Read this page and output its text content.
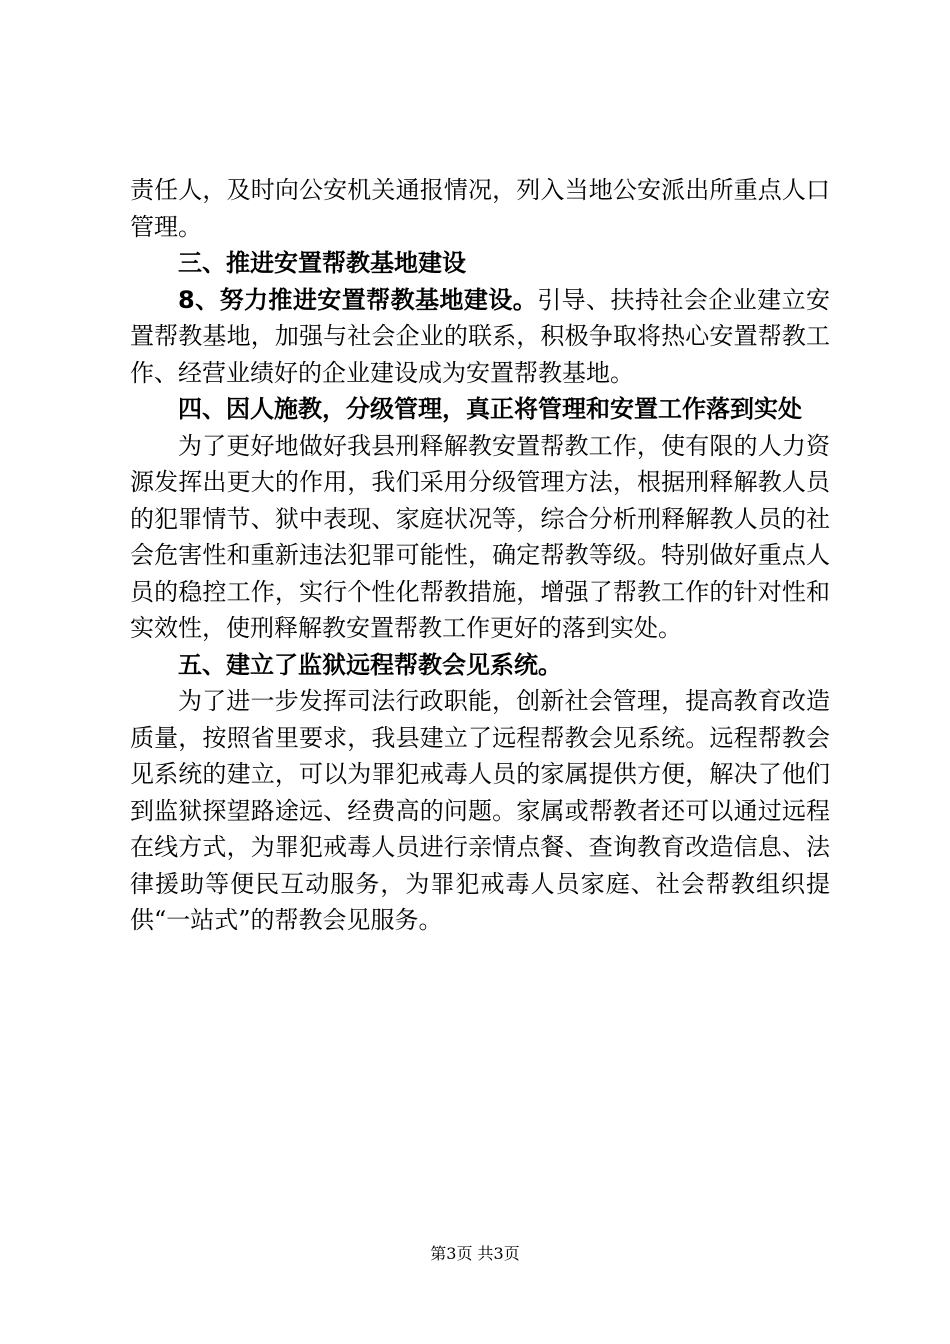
责任人，及时向公安机关通报情况，列入当地公安派出所重点人口管理。

三、推进安置帮教基地建设

8、努力推进安置帮教基地建设。引导、扶持社会企业建立安置帮教基地，加强与社会企业的联系，积极争取将热心安置帮教工作、经营业绩好的企业建设成为安置帮教基地。

四、因人施教，分级管理，真正将管理和安置工作落到实处

为了更好地做好我县刑释解教安置帮教工作，使有限的人力资源发挥出更大的作用，我们采用分级管理方法，根据刑释解教人员的犯罪情节、狱中表现、家庭状况等，综合分析刑释解教人员的社会危害性和重新违法犯罪可能性，确定帮教等级。特别做好重点人员的稳控工作，实行个性化帮教措施，增强了帮教工作的针对性和实效性，使刑释解教安置帮教工作更好的落到实处。

五、建立了监狱远程帮教会见系统。

为了进一步发挥司法行政职能，创新社会管理，提高教育改造质量，按照省里要求，我县建立了远程帮教会见系统。远程帮教会见系统的建立，可以为罪犯戒毒人员的家属提供方便，解决了他们到监狱探望路途远、经费高的问题。家属或帮教者还可以通过远程在线方式，为罪犯戒毒人员进行亲情点餐、查询教育改造信息、法律援助等便民互动服务，为罪犯戒毒人员家庭、社会帮教组织提供“一站式”的帮教会见服务。

第3页 共3页
